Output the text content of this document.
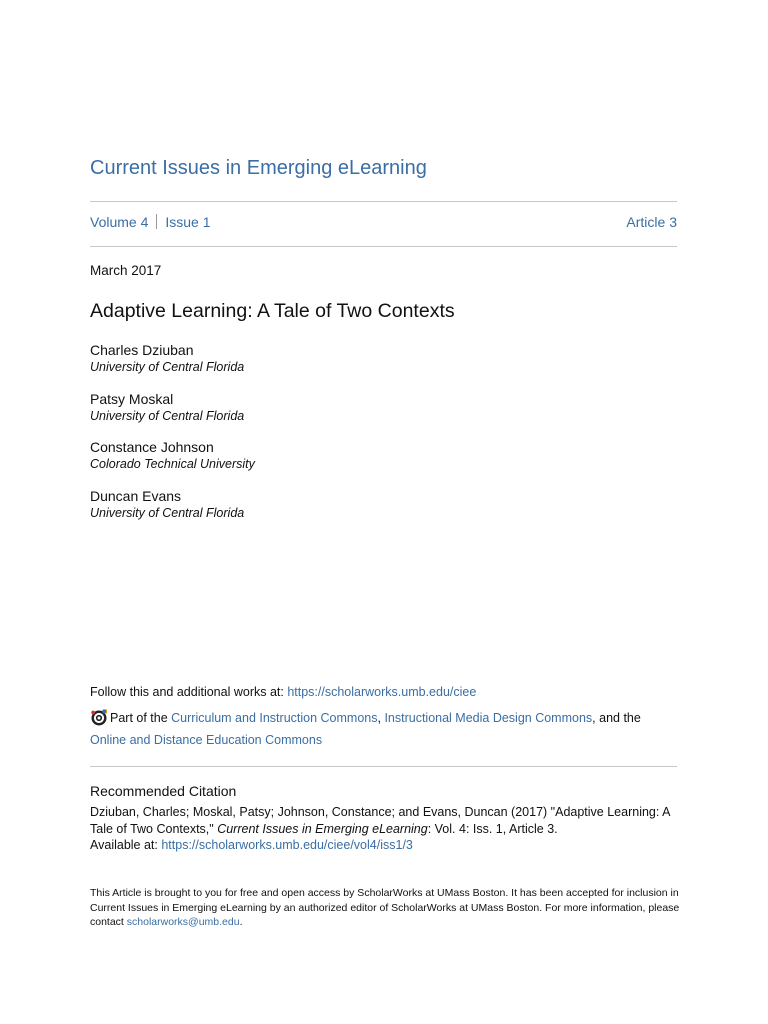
Current Issues in Emerging eLearning
Volume 4 Issue 1	Article 3
March 2017
Adaptive Learning: A Tale of Two Contexts
Charles Dziuban
University of Central Florida
Patsy Moskal
University of Central Florida
Constance Johnson
Colorado Technical University
Duncan Evans
University of Central Florida
Follow this and additional works at: https://scholarworks.umb.edu/ciee
Part of the Curriculum and Instruction Commons, Instructional Media Design Commons, and the
Online and Distance Education Commons
Recommended Citation
Dziuban, Charles; Moskal, Patsy; Johnson, Constance; and Evans, Duncan (2017) "Adaptive Learning: A Tale of Two Contexts," Current Issues in Emerging eLearning: Vol. 4: Iss. 1, Article 3.
Available at: https://scholarworks.umb.edu/ciee/vol4/iss1/3
This Article is brought to you for free and open access by ScholarWorks at UMass Boston. It has been accepted for inclusion in Current Issues in Emerging eLearning by an authorized editor of ScholarWorks at UMass Boston. For more information, please contact scholarworks@umb.edu.
